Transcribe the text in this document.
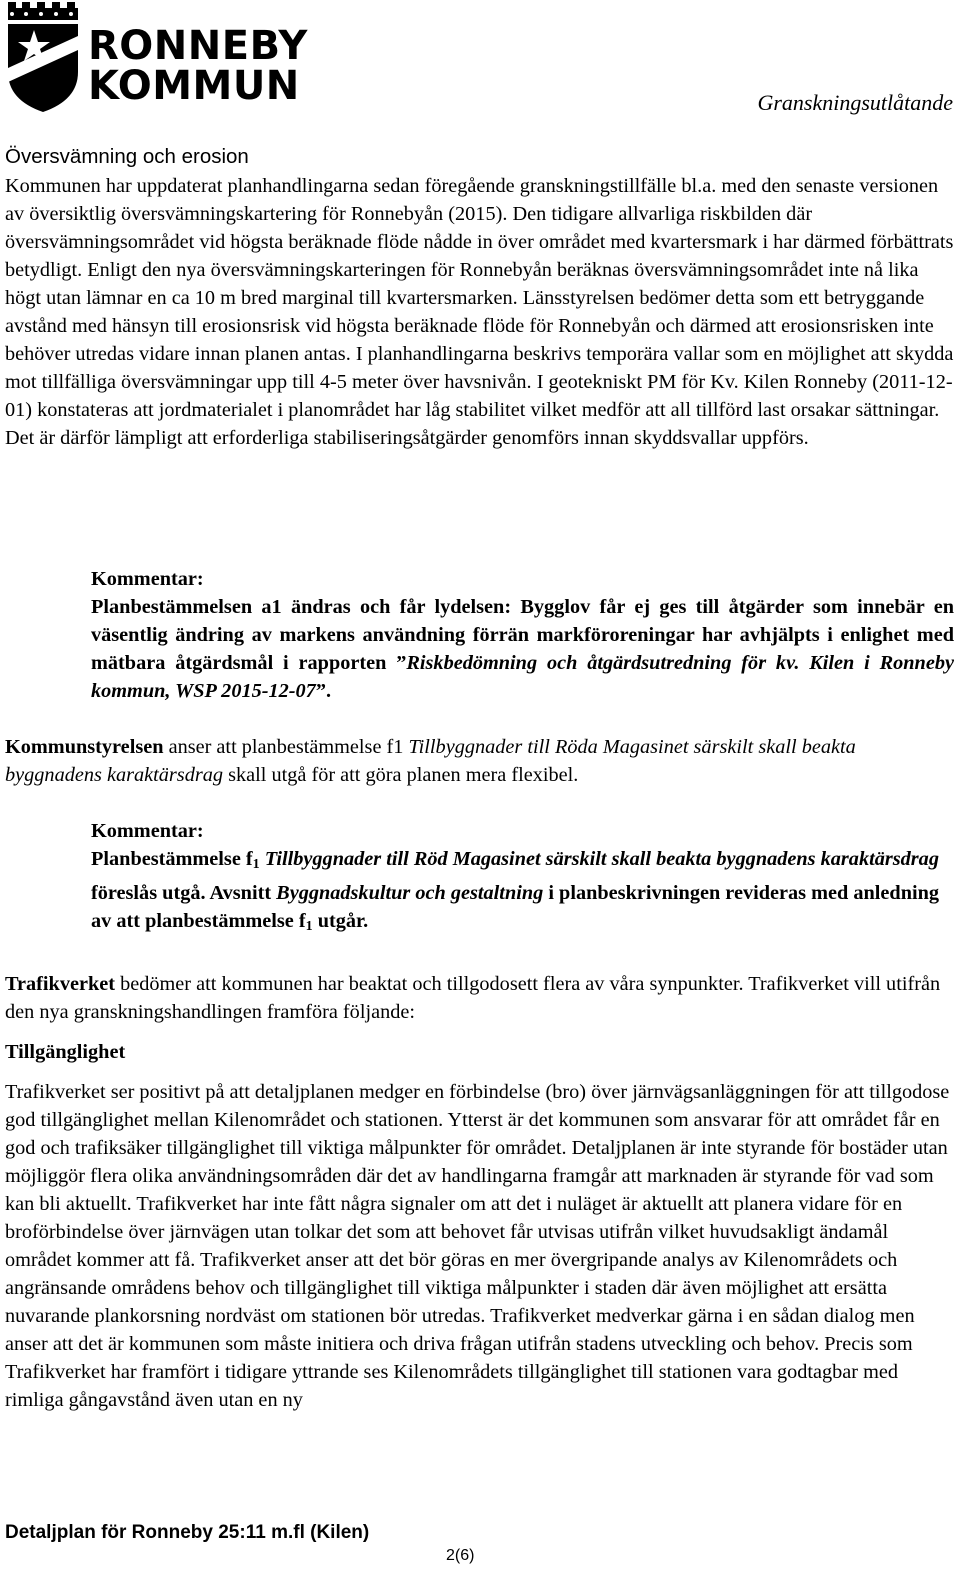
RONNEBY
KOMMUN	Granskningsutlåtande
Översvämning och erosion
Kommunen har uppdaterat planhandlingarna sedan föregående granskningstillfälle bl.a. med den senaste versionen av översiktlig översvämningskartering för Ronnebyån (2015). Den tidigare allvarliga riskbilden där översvämningsområdet vid högsta beräknade flöde nådde in över området med kvartersmark i har därmed förbättrats betydligt. Enligt den nya översvämningskarteringen för Ronnebyån beräknas översvämningsområdet inte nå lika högt utan lämnar en ca 10 m bred marginal till kvartersmarken. Länsstyrelsen bedömer detta som ett betryggande avstånd med hänsyn till erosionsrisk vid högsta beräknade flöde för Ronnebyån och därmed att erosionsrisken inte behöver utredas vidare innan planen antas. I planhandlingarna beskrivs temporära vallar som en möjlighet att skydda mot tillfälliga översvämningar upp till 4-5 meter över havsnivån. I geotekniskt PM för Kv. Kilen Ronneby (2011-12-01) konstateras att jordmaterialet i planområdet har låg stabilitet vilket medför att all tillförd last orsakar sättningar. Det är därför lämpligt att erforderliga stabiliseringsåtgärder genomförs innan skyddsvallar uppförs.
Kommentar:
Planbestämmelsen a1 ändras och får lydelsen: Bygglov får ej ges till åtgärder som innebär en väsentlig ändring av markens användning förrän markföroreningar har avhjälpts i enlighet med mätbara åtgärdsmål i rapporten ”Riskbedömning och åtgärdsutredning för kv. Kilen i Ronneby kommun, WSP 2015-12-07”.
Kommunstyrelsen anser att planbestämmelse f1 Tillbyggnader till Röda Magasinet särskilt skall beakta byggnadens karaktärsdrag skall utgå för att göra planen mera flexibel.
Kommentar:
Planbestämmelse $f_1$ Tillbyggnader till Röd Magasinet särskilt skall beakta byggnadens karaktärsdrag föreslås utgå. Avsnitt Byggnadskultur och gestaltning i planbeskrivningen revideras med anledning av att planbestämmelse $f_1$ utgår.
Trafikverket bedömer att kommunen har beaktat och tillgodosett flera av våra synpunkter. Trafikverket vill utifrån den nya granskningshandlingen framföra följande:
Tillgänglighet
Trafikverket ser positivt på att detaljplanen medger en förbindelse (bro) över järnvägsanläggningen för att tillgodose god tillgänglighet mellan Kilenområdet och stationen. Ytterst är det kommunen som ansvarar för att området får en god och trafiksäker tillgänglighet till viktiga målpunkter för området. Detaljplanen är inte styrande för bostäder utan möjliggör flera olika användningsområden där det av handlingarna framgår att marknaden är styrande för vad som kan bli aktuellt. Trafikverket har inte fått några signaler om att det i nuläget är aktuellt att planera vidare för en broförbindelse över järnvägen utan tolkar det som att behovet får utvisas utifrån vilket huvudsakligt ändamål området kommer att få. Trafikverket anser att det bör göras en mer övergripande analys av Kilenområdets och angränsande områdens behov och tillgänglighet till viktiga målpunkter i staden där även möjlighet att ersätta nuvarande plankorsning nordväst om stationen bör utredas. Trafikverket medverkar gärna i en sådan dialog men anser att det är kommunen som måste initiera och driva frågan utifrån stadens utveckling och behov. Precis som Trafikverket har framfört i tidigare yttrande ses Kilenområdets tillgänglighet till stationen vara godtagbar med rimliga gångavstånd även utan en ny
Detaljplan för Ronneby 25:11 m.fl (Kilen)
2(6)
